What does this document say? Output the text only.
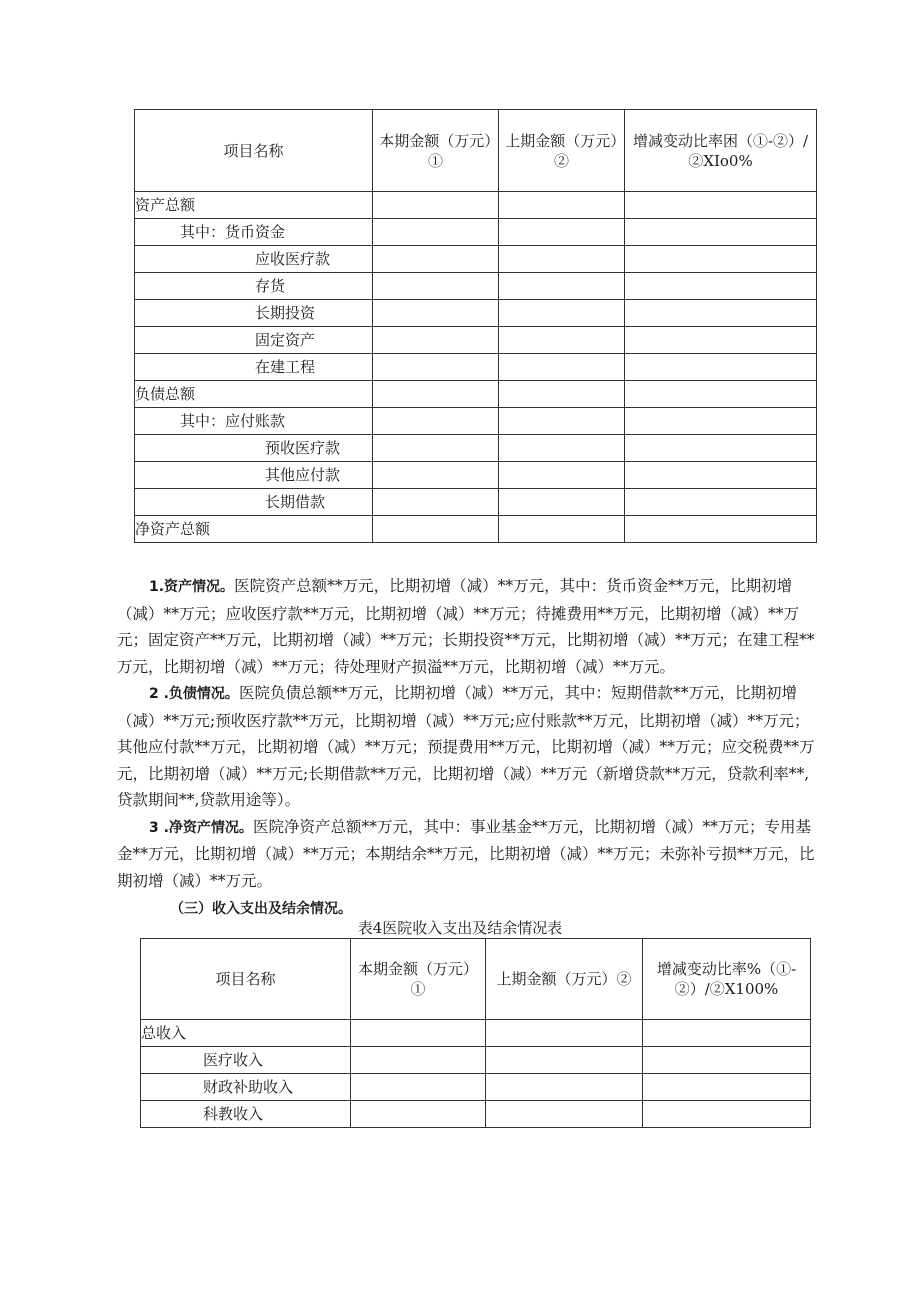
项目名称	本期金额（万元）①	上期金额（万元）②	增减变动比率困（①-②）/②XIo0%

资产总额			
其中：货币资金			
应收医疗款			
存货			
长期投资			
固定资产			
在建工程			
负债总额			
其中：应付账款			
预收医疗款			
其他应付款			
长期借款			
净资产总额			

1.资产情况。医院资产总额**万元，比期初增（减）**万元，其中：货币资金**万元，比期初增（减）**万元；应收医疗款**万元，比期初增（减）**万元；待摊费用**万元，比期初增（减）**万元；固定资产**万元，比期初增（减）**万元；长期投资**万元，比期初增（减）**万元；在建工程**万元，比期初增（减）**万元；待处理财产损溢**万元，比期初增（减）**万元。

2 .负债情况。医院负债总额**万元，比期初增（减）**万元，其中：短期借款**万元，比期初增（减）**万元;预收医疗款**万元，比期初增（减）**万元;应付账款**万元，比期初增（减）**万元；其他应付款**万元，比期初增（减）**万元；预提费用**万元，比期初增（减）**万元；应交税费**万元，比期初增（减）**万元;长期借款**万元，比期初增（减）**万元（新增贷款**万元，贷款利率**,贷款期间**,贷款用途等）。

3 .净资产情况。医院净资产总额**万元，其中：事业基金**万元，比期初增（减）**万元；专用基金**万元，比期初增（减）**万元；本期结余**万元，比期初增（减）**万元；未弥补亏损**万元，比期初增（减）**万元。

（三）收入支出及结余情况。
表4医院收入支出及结余情况表
项目名称	本期金额（万元）①	上期金额（万元）②	增减变动比率%（①-②）/②X100%

总收入			
医疗收入			
财政补助收入			
科教收入			
